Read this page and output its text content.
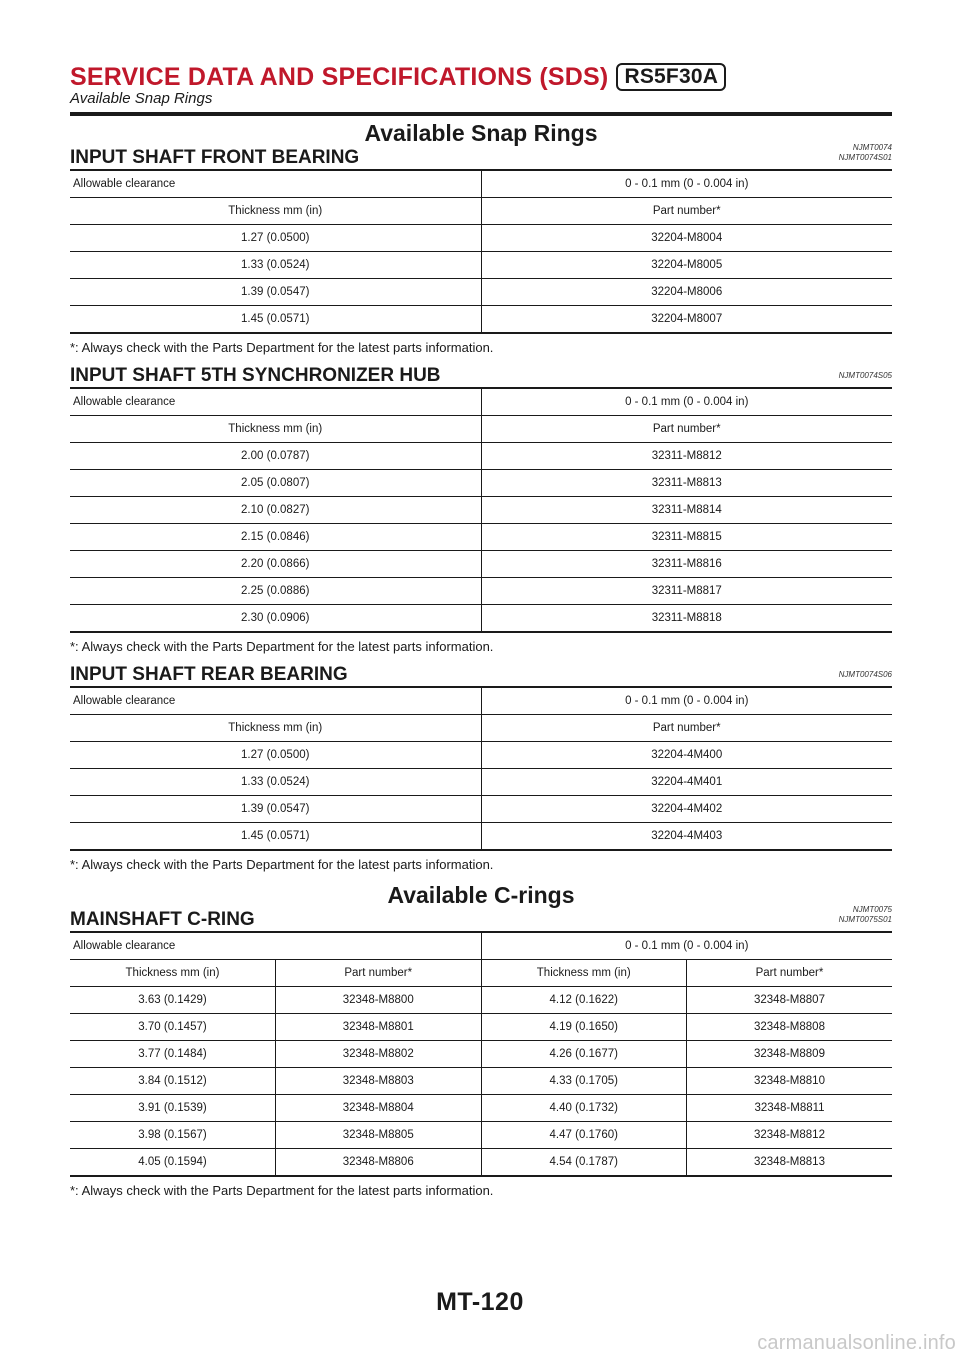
SERVICE DATA AND SPECIFICATIONS (SDS) RS5F30A
Available Snap Rings
Available Snap Rings
NJMT0074
INPUT SHAFT FRONT BEARING	NJMT0074S01
Allowable clearance	0 - 0.1 mm (0 - 0.004 in)
Thickness mm (in)	Part number*
1.27 (0.0500)	32204-M8004
1.33 (0.0524)	32204-M8005
1.39 (0.0547)	32204-M8006
1.45 (0.0571)	32204-M8007
*: Always check with the Parts Department for the latest parts information.
INPUT SHAFT 5TH SYNCHRONIZER HUB	NJMT0074S05
Allowable clearance	0 - 0.1 mm (0 - 0.004 in)
Thickness mm (in)	Part number*
2.00 (0.0787)	32311-M8812
2.05 (0.0807)	32311-M8813
2.10 (0.0827)	32311-M8814
2.15 (0.0846)	32311-M8815
2.20 (0.0866)	32311-M8816
2.25 (0.0886)	32311-M8817
2.30 (0.0906)	32311-M8818
*: Always check with the Parts Department for the latest parts information.
INPUT SHAFT REAR BEARING	NJMT0074S06
Allowable clearance	0 - 0.1 mm (0 - 0.004 in)
Thickness mm (in)	Part number*
1.27 (0.0500)	32204-4M400
1.33 (0.0524)	32204-4M401
1.39 (0.0547)	32204-4M402
1.45 (0.0571)	32204-4M403
*: Always check with the Parts Department for the latest parts information.
Available C-rings
NJMT0075
MAINSHAFT C-RING	NJMT0075S01
Allowable clearance		0 - 0.1 mm (0 - 0.004 in)	
Thickness mm (in)	Part number*	Thickness mm (in)	Part number*
3.63 (0.1429)	32348-M8800	4.12 (0.1622)	32348-M8807
3.70 (0.1457)	32348-M8801	4.19 (0.1650)	32348-M8808
3.77 (0.1484)	32348-M8802	4.26 (0.1677)	32348-M8809
3.84 (0.1512)	32348-M8803	4.33 (0.1705)	32348-M8810
3.91 (0.1539)	32348-M8804	4.40 (0.1732)	32348-M8811
3.98 (0.1567)	32348-M8805	4.47 (0.1760)	32348-M8812
4.05 (0.1594)	32348-M8806	4.54 (0.1787)	32348-M8813
*: Always check with the Parts Department for the latest parts information.
MT-120
carmanualsonline.info
